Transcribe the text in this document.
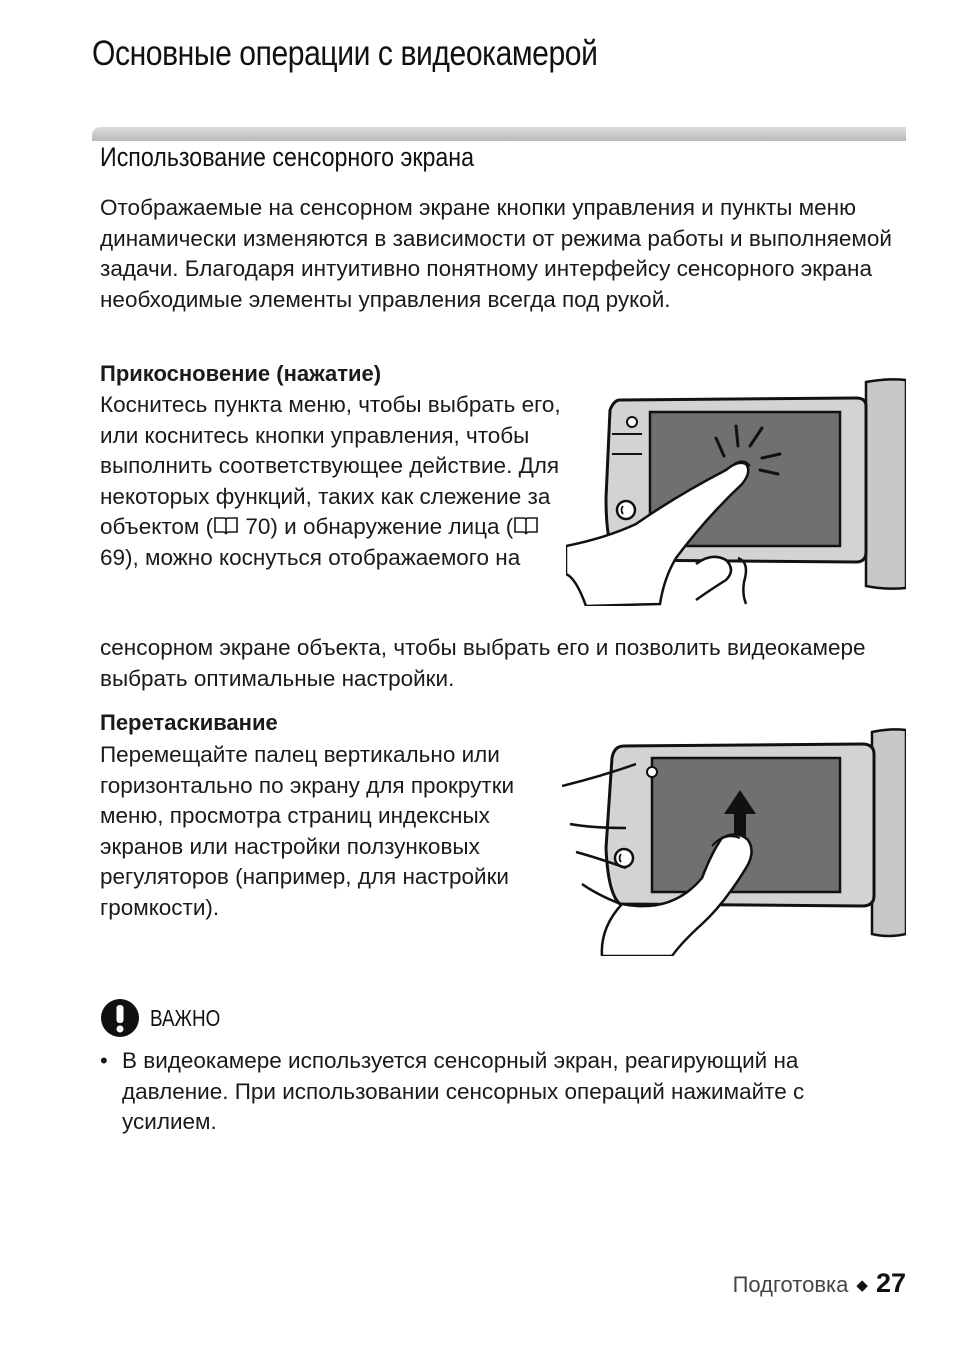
Основные операции с видеокамерой
Использование сенсорного экрана

Отображаемые на сенсорном экране кнопки управления и пункты меню динамически изменяются в зависимости от режима работы и выполняемой задачи. Благодаря интуитивно понятному интерфейсу сенсорного экрана необходимые элементы управления всегда под рукой.

Прикосновение (нажатие)

Коснитесь пункта меню, чтобы выбрать его, или коснитесь кнопки управления, чтобы выполнить соответствующее действие. Для некоторых функций, таких как слежение за объектом ( 70) и обнаружение лица ( 69), можно коснуться отображаемого на

сенсорном экране объекта, чтобы выбрать его и позволить видеокамере выбрать оптимальные настройки.

Перетаскивание

Перемещайте палец вертикально или горизонтально по экрану для прокрутки меню, просмотра страниц индексных экранов или настройки ползунковых регуляторов (например, для настройки громкости).

ВАЖНО
• В видеокамере используется сенсорный экран, реагирующий на давление. При использовании сенсорных операций нажимайте с усилием.
Подготовка ◆ 27
